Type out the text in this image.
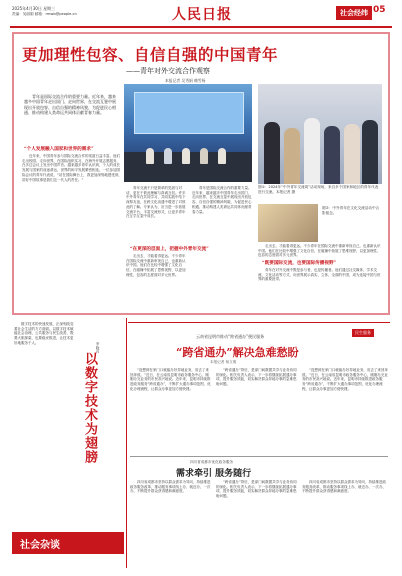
2025年4月30日 星期三
责编：吴丽娟 邮箱：rmwb@people.cn	人民日报	社会经纬 05
更加理性包容、自信自强的中国青年
——青年对外交流合作观察
本报记者 吴秀娟 赖雪杨
青年是国际交流合作的重要力量。近年来，越来越多中国青年走出国门、走向世界，在交流互鉴中展现出开放包容、自信自强的精神风貌，为促进民心相通、推动构建人类命运共同体贡献青春力量。
图①：2024年“中外青年交流周”活动现场，来自多个国家和地区的青年代表进行交流。本报记者 摄
图②：中外青年在文化交流活动中合影留念。
“个人发展融入国家和世界的需求”
近年来，中国青年参与国际交流合作的渠道日益丰富。他们走出校园、走向世界，在国际组织实习、在海外开展志愿服务、在多边会议上发出中国声音。越来越多青年认识到，个人的成长发展与国家的前途命运、世界的和平发展紧密相连。一位参加国际会议的青年代表说，“站在国际舞台上，我更加深刻地感受到，讲好中国故事是我们这一代人的责任。”
青年交流不只是简单的见面与对话，更在于彼此理解与真诚互信。许多中外青年在共同学习、共同实践中结下深厚友谊，在跨文化沟通中增进了对彼此的了解。专家认为，应当进一步拓展交流平台，丰富交流形式，让更多青年在互学互鉴中成长。
“在更深的层面上，把握中外青年交流”
走出去，才能看得更远。不少青年在国际交流中重新审视自己，也重新认识中国。他们在比较中增强了文化自信，在碰撞中拓展了思维视野，以更加理性、包容的态度面对多元世界。
青年是国际交流合作的重要力量。近年来，越来越多中国青年走出国门、走向世界，在交流互鉴中展现出开放包容、自信自强的精神风貌，为促进民心相通、推动构建人类命运共同体贡献青春力量。
“既要国际交流，也要国际传播视野”
走出去，才能看得更远。不少青年在国际交流中重新审视自己，也重新认识中国。他们在比较中增强了文化自信，在碰撞中拓展了思维视野，以更加理性、包容的态度面对多元世界。
青年在对外交流中既是参与者，也是传播者。他们通过社交媒体、学术交流、文化活动等方式，向世界展示真实、立体、全面的中国，成为连接中国与世界的重要纽带。
数字技术的快速发展，正深刻改变着社会生活的方方面面。以数字技术赋能社会治理、公共服务与民生改善，既要大胆探索，也要稳妥推进，让技术更好地服务于人。
以数字技术为翅膀
李晓亮
社会杂谈
民生服务
云南省昆明市推动“跨省通办”便民服务
“跨省通办”解决急难愁盼
本报记者 杨文明
“没想到在家门口就能办好异地业务，省去了来回奔波。”近日，在云南省昆明市政务服务中心，刚刚办完业务的市民高兴地说。近年来，昆明市持续推进政务服务“跨省通办”，不断扩大通办事项范围，优化办理流程，让群众办事更加方便快捷。
“跨省通办”背后，是部门间数据共享与业务协同的深化。相关负责人表示，下一步将继续拓展通办事项，提升服务效能，切实解决群众异地办事的急难愁盼问题。
“没想到在家门口就能办好异地业务，省去了来回奔波。”近日，在云南省昆明市政务服务中心，刚刚办完业务的市民高兴地说。近年来，昆明市持续推进政务服务“跨省通办”，不断扩大通办事项范围，优化办理流程，让群众办事更加方便快捷。
四川省成都市优化政务服务
需求牵引 服务随行
四川省成都市坚持以群众需求为导向，持续推进政务服务改革，推动服务事项线上办、就近办、一次办，不断提升群众获得感和满意度。
“跨省通办”背后，是部门间数据共享与业务协同的深化。相关负责人表示，下一步将继续拓展通办事项，提升服务效能，切实解决群众异地办事的急难愁盼问题。
四川省成都市坚持以群众需求为导向，持续推进政务服务改革，推动服务事项线上办、就近办、一次办，不断提升群众获得感和满意度。
